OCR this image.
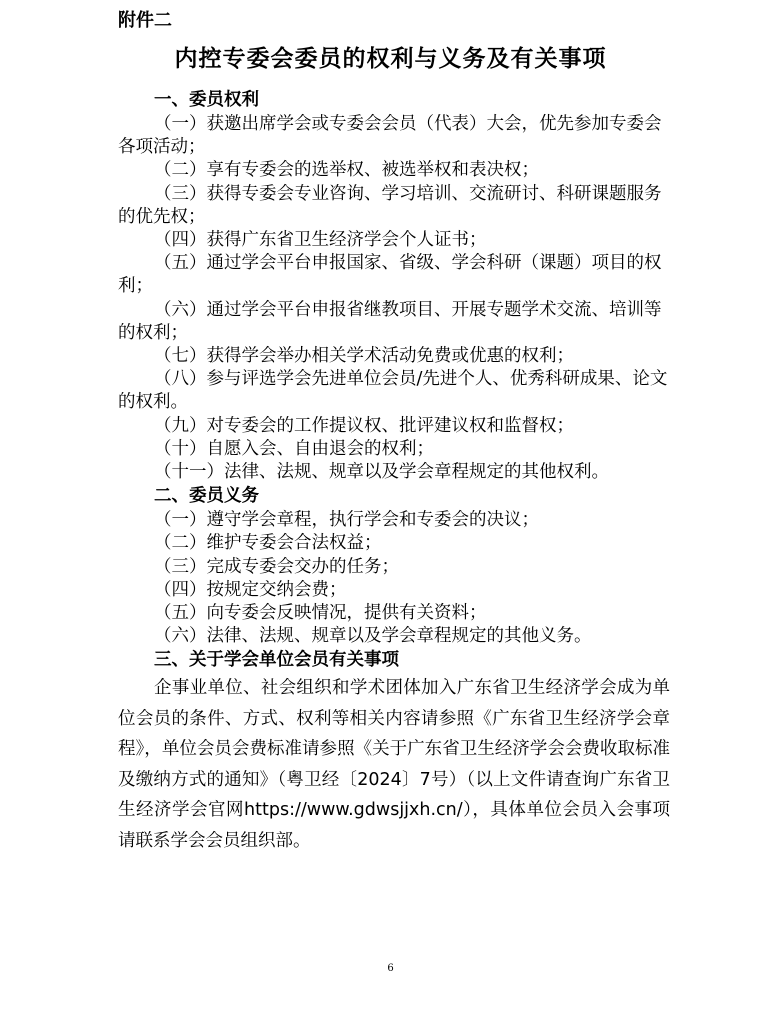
附件二
内控专委会委员的权利与义务及有关事项
一、委员权利
（一）获邀出席学会或专委会会员（代表）大会，优先参加专委会各项活动；
（二）享有专委会的选举权、被选举权和表决权；
（三）获得专委会专业咨询、学习培训、交流研讨、科研课题服务的优先权；
（四）获得广东省卫生经济学会个人证书；
（五）通过学会平台申报国家、省级、学会科研（课题）项目的权利；
（六）通过学会平台申报省继教项目、开展专题学术交流、培训等的权利；
（七）获得学会举办相关学术活动免费或优惠的权利；
（八）参与评选学会先进单位会员/先进个人、优秀科研成果、论文的权利。
（九）对专委会的工作提议权、批评建议权和监督权；
（十）自愿入会、自由退会的权利；
（十一）法律、法规、规章以及学会章程规定的其他权利。
二、委员义务
（一）遵守学会章程，执行学会和专委会的决议；
（二）维护专委会合法权益；
（三）完成专委会交办的任务；
（四）按规定交纳会费；
（五）向专委会反映情况，提供有关资料；
（六）法律、法规、规章以及学会章程规定的其他义务。
三、关于学会单位会员有关事项
企事业单位、社会组织和学术团体加入广东省卫生经济学会成为单位会员的条件、方式、权利等相关内容请参照《广东省卫生经济学会章程》，单位会员会费标准请参照《关于广东省卫生经济学会会费收取标准及缴纳方式的通知》（粤卫经〔2024〕7号）（以上文件请查询广东省卫生经济学会官网https://www.gdwsjjxh.cn/），具体单位会员入会事项请联系学会会员组织部。
6
